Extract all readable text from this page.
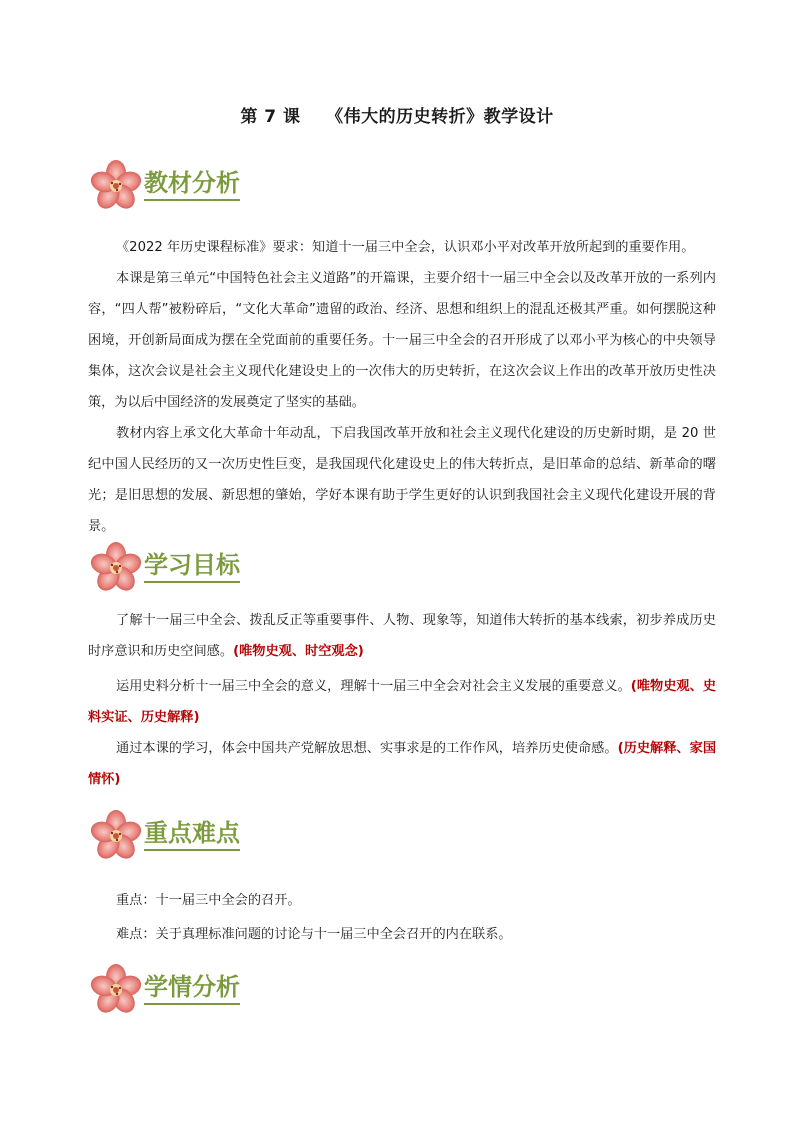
第 7 课    《伟大的历史转折》教学设计
教材分析

《2022 年历史课程标准》要求：知道十一届三中全会，认识邓小平对改革开放所起到的重要作用。

本课是第三单元“中国特色社会主义道路”的开篇课，主要介绍十一届三中全会以及改革开放的一系列内容，“四人帮”被粉碎后，“文化大革命”遗留的政治、经济、思想和组织上的混乱还极其严重。如何摆脱这种困境，开创新局面成为摆在全党面前的重要任务。十一届三中全会的召开形成了以邓小平为核心的中央领导集体，这次会议是社会主义现代化建设史上的一次伟大的历史转折，在这次会议上作出的改革开放历史性决策，为以后中国经济的发展奠定了坚实的基础。

教材内容上承文化大革命十年动乱，下启我国改革开放和社会主义现代化建设的历史新时期，是 20 世纪中国人民经历的又一次历史性巨变，是我国现代化建设史上的伟大转折点，是旧革命的总结、新革命的曙光；是旧思想的发展、新思想的肇始，学好本课有助于学生更好的认识到我国社会主义现代化建设开展的背景。

学习目标

了解十一届三中全会、拨乱反正等重要事件、人物、现象等，知道伟大转折的基本线索，初步养成历史时序意识和历史空间感。(唯物史观、时空观念)

运用史料分析十一届三中全会的意义，理解十一届三中全会对社会主义发展的重要意义。(唯物史观、史料实证、历史解释)

通过本课的学习，体会中国共产党解放思想、实事求是的工作作风，培养历史使命感。(历史解释、家国情怀)

重点难点

重点：十一届三中全会的召开。

难点：关于真理标准问题的讨论与十一届三中全会召开的内在联系。

学情分析
